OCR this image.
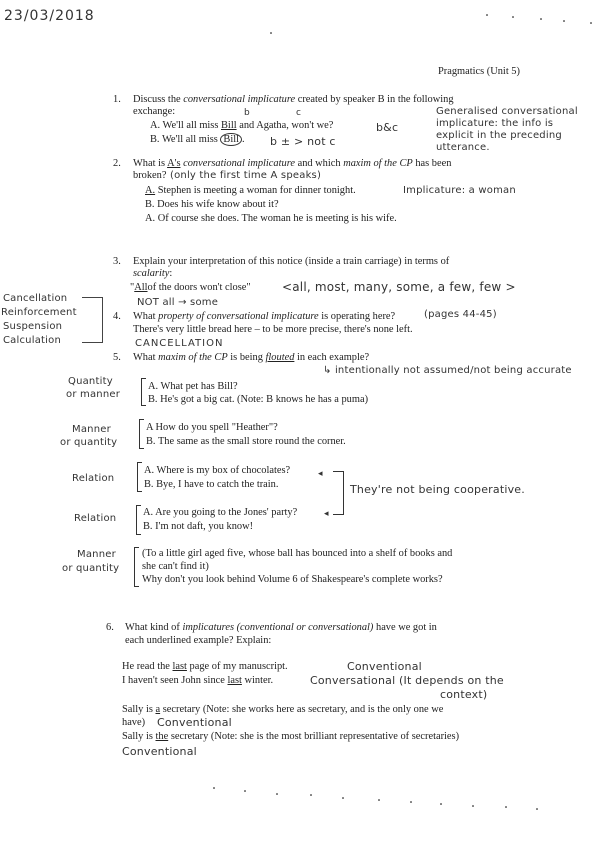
23/03/2018
Pragmatics (Unit 5)
1. Discuss the conversational implicature created by speaker B in the following
exchange:	b	c
A. We'll all miss Bill and Agatha, won't we?	b&c
B. We'll all miss Bill . b ± > not c
Generalised conversational
implicature: the info is
explicit in the preceding
utterance.
2. What is A's conversational implicature and which maxim of the CP has been
broken? (only the first time A speaks)
A. Stephen is meeting a woman for dinner tonight.	Implicature: a woman
B. Does his wife know about it?
A. Of course she does. The woman he is meeting is his wife.
3. Explain your interpretation of this notice (inside a train carriage) in terms of
scalarity:
"Allof the doors won't close"	<all, most, many, some, a few, few >
NOT all → some
Cancellation
Reinforcement
Suspension
Calculation
4. What property of conversational implicature is operating here?	(pages 44-45)
There's very little bread here – to be more precise, there's none left.
CANCELLATION
5. What maxim of the CP is being flouted in each example?
↳ intentionally not assumed/not being accurate
Quantity
or manner
A. What pet has Bill?
B. He's got a big cat. (Note: B knows he has a puma)
Manner
or quantity
A How do you spell "Heather"?
B. The same as the small store round the corner.
Relation
A. Where is my box of chocolates?
B. Bye, I have to catch the train.
Relation
A. Are you going to the Jones' party?
B. I'm not daft, you know!
◂
◂
They're not being cooperative.
Manner
or quantity
(To a little girl aged five, whose ball has bounced into a shelf of books and
she can't find it)
Why don't you look behind Volume 6 of Shakespeare's complete works?
6. What kind of implicatures (conventional or conversational) have we got in
each underlined example? Explain:
He read the last page of my manuscript.	Conventional
I haven't seen John since last winter.	Conversational (It depends on the
context)
Sally is a secretary (Note: she works here as secretary, and is the only one we
have) Conventional
Sally is the secretary (Note: she is the most brilliant representative of secretaries)
Conventional
